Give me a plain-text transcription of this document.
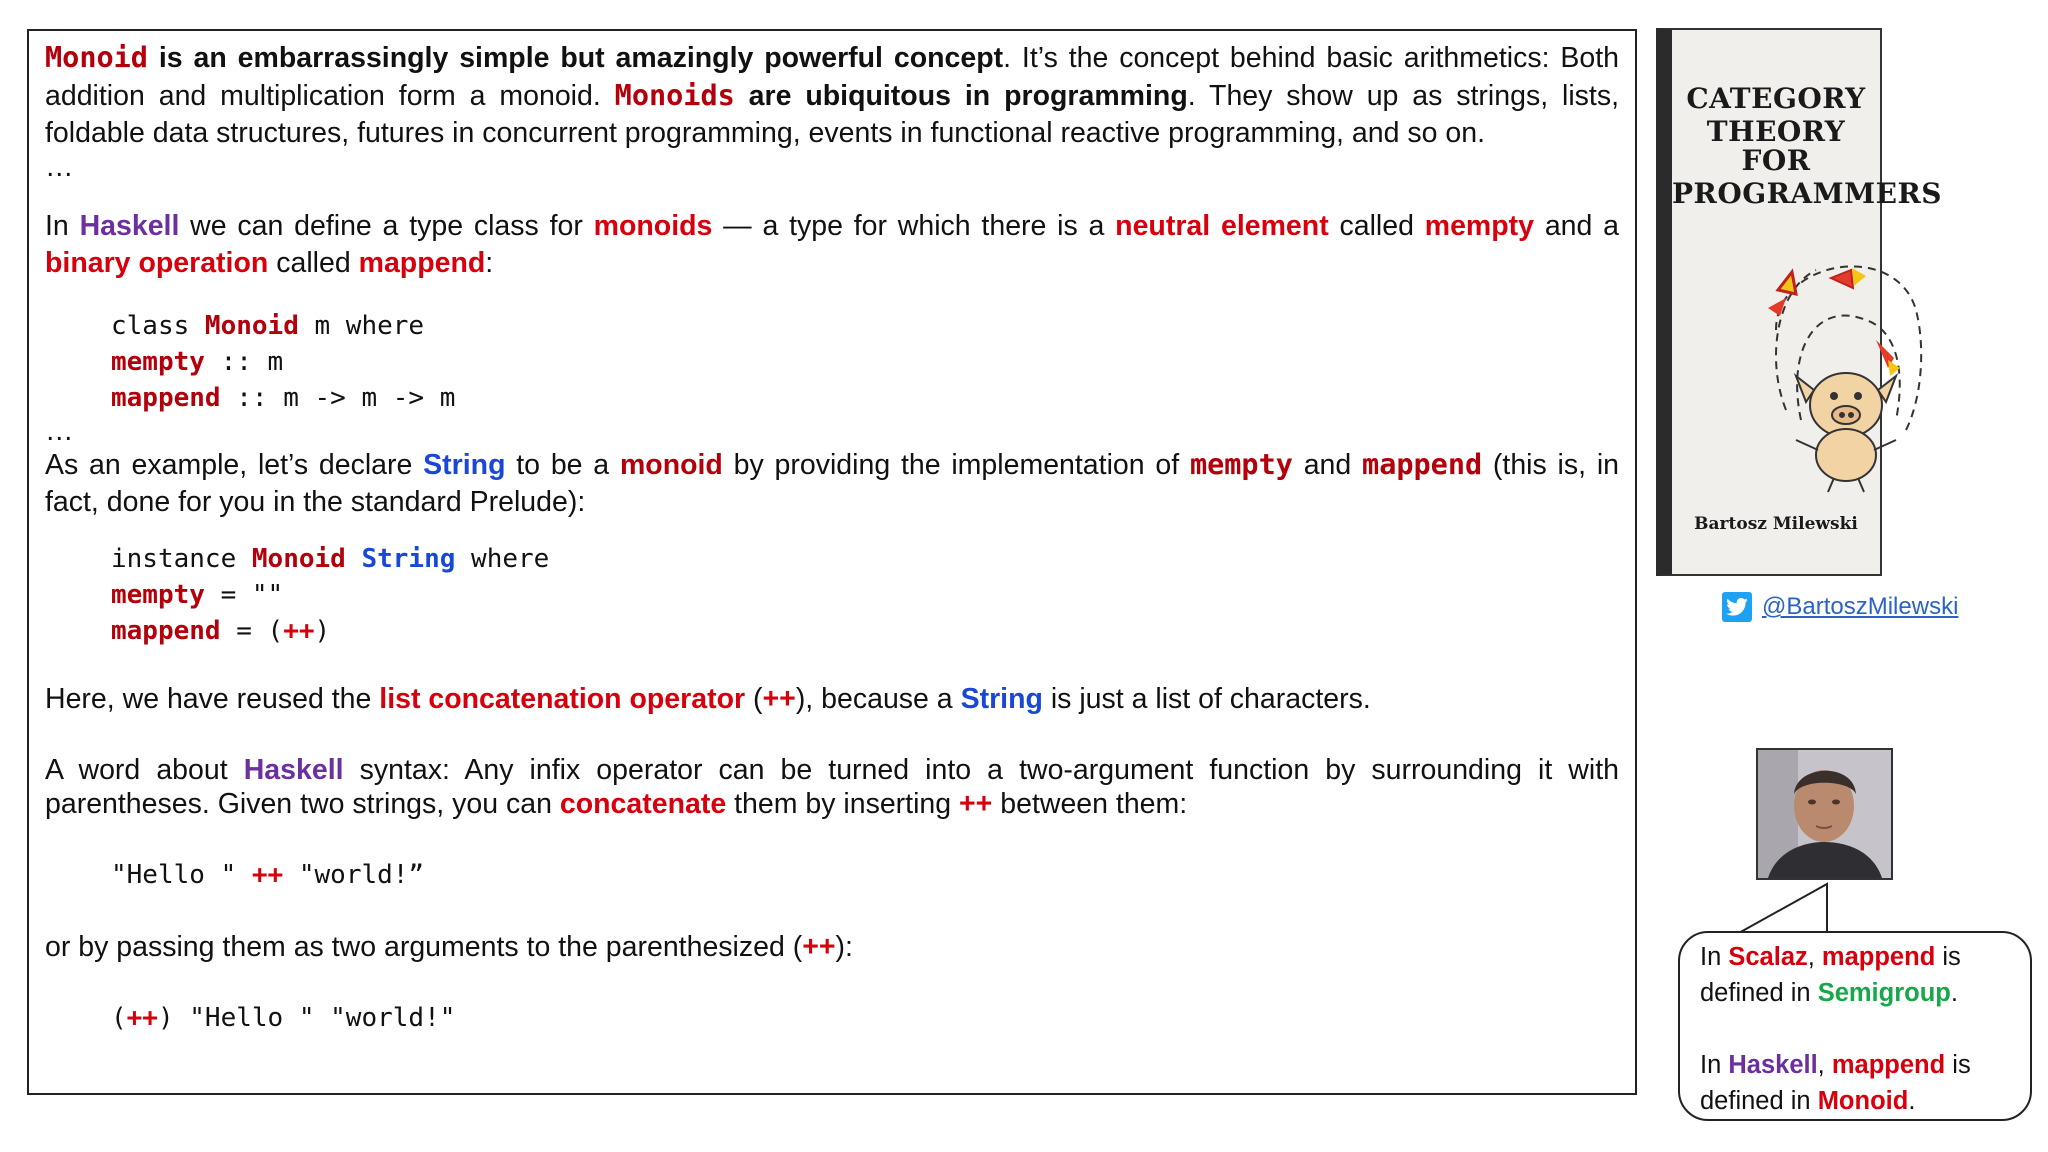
Monoid is an embarrassingly simple but amazingly powerful concept. It’s the concept behind basic arithmetics: Both addition and multiplication form a monoid. Monoids are ubiquitous in programming. They show up as strings, lists, foldable data structures, futures in concurrent programming, events in functional reactive programming, and so on.

…

In Haskell we can define a type class for monoids — a type for which there is a neutral element called mempty and a binary operation called mappend:

class Monoid m where

mempty :: m

mappend :: m -> m -> m

…

As an example, let’s declare String to be a monoid by providing the implementation of mempty and mappend (this is, in fact, done for you in the standard Prelude):

instance Monoid String where

mempty = ""

mappend = (++)

Here, we have reused the list concatenation operator (++), because a String is just a list of characters.

A word about Haskell syntax: Any infix operator can be turned into a two-argument function by surrounding it with parentheses. Given two strings, you can concatenate them by inserting ++ between them:

"Hello " ++ "world!”

or by passing them as two arguments to the parenthesized (++):

(++) "Hello " "world!"

CATEGORY THEORY
FOR PROGRAMMERS
Bartosz Milewski
@BartoszMilewski

In Scalaz, mappend is

defined in Semigroup.

In Haskell, mappend is

defined in Monoid.
